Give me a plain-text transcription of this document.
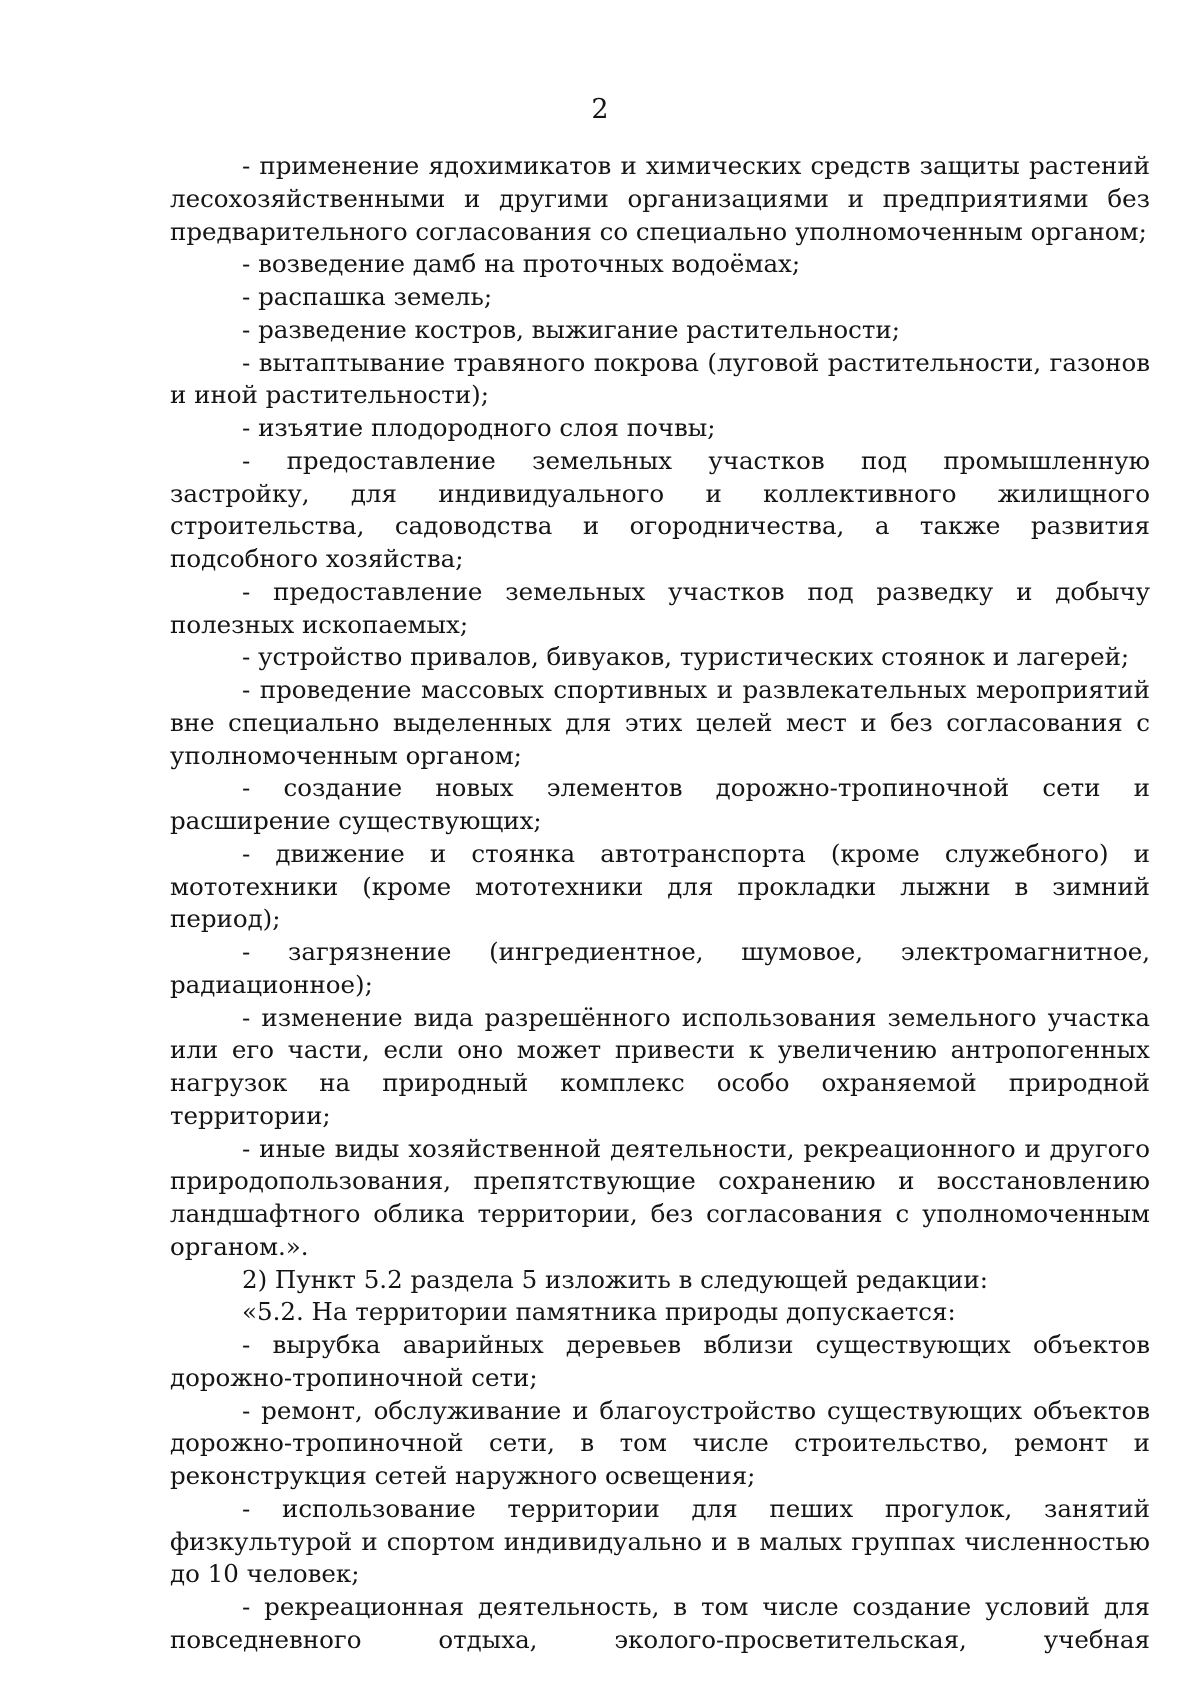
2

- применение ядохимикатов и химических средств защиты растений лесохозяйственными и другими организациями и предприятиями без предварительного согласования со специально уполномоченным органом;

- возведение дамб на проточных водоёмах;

- распашка земель;

- разведение костров, выжигание растительности;

- вытаптывание травяного покрова (луговой растительности, газонов и иной растительности);

- изъятие плодородного слоя почвы;

- предоставление земельных участков под промышленную застройку, для индивидуального и коллективного жилищного строительства, садоводства и огородничества, а также развития подсобного хозяйства;

- предоставление земельных участков под разведку и добычу полезных ископаемых;

- устройство привалов, бивуаков, туристических стоянок и лагерей;

- проведение массовых спортивных и развлекательных мероприятий вне специально выделенных для этих целей мест и без согласования с уполномоченным органом;

- создание новых элементов дорожно-тропиночной сети и расширение существующих;

- движение и стоянка автотранспорта (кроме служебного) и мототехники (кроме мототехники для прокладки лыжни в зимний период);

- загрязнение (ингредиентное, шумовое, электромагнитное, радиационное);

- изменение вида разрешённого использования земельного участка или его части, если оно может привести к увеличению антропогенных нагрузок на природный комплекс особо охраняемой природной территории;

- иные виды хозяйственной деятельности, рекреационного и другого природопользования, препятствующие сохранению и восстановлению ландшафтного облика территории, без согласования с уполномоченным органом.».

2) Пункт 5.2 раздела 5 изложить в следующей редакции:

«5.2. На территории памятника природы допускается:

- вырубка аварийных деревьев вблизи существующих объектов дорожно-тропиночной сети;

- ремонт, обслуживание и благоустройство существующих объектов дорожно-тропиночной сети, в том числе строительство, ремонт и реконструкция сетей наружного освещения;

- использование территории для пеших прогулок, занятий физкультурой и спортом индивидуально и в малых группах численностью до 10 человек;

- рекреационная деятельность, в том числе создание условий для повседневного отдыха, эколого-просветительская, учебная
